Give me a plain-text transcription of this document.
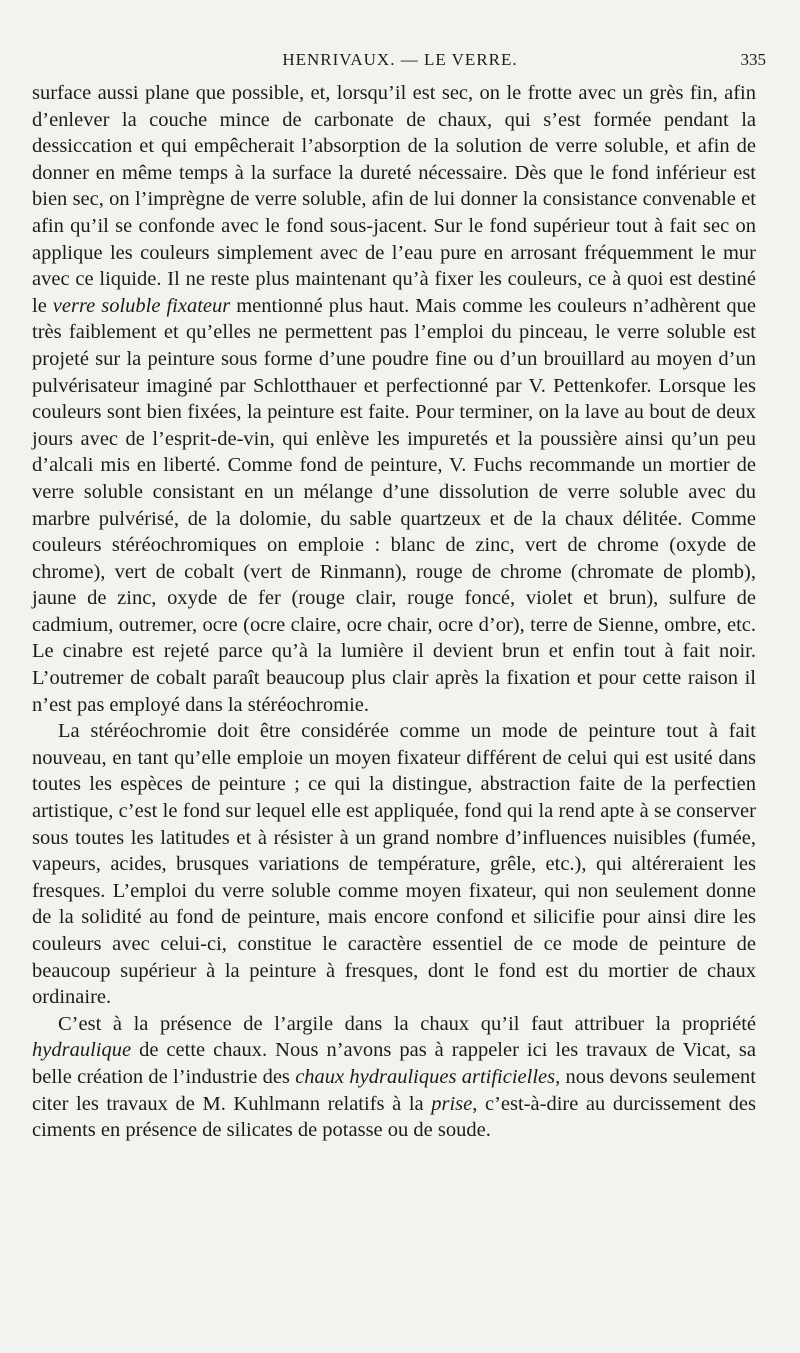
HENRIVAUX. — LE VERRE.	335

surface aussi plane que possible, et, lorsqu’il est sec, on le frotte avec un grès fin, afin d’enlever la couche mince de carbonate de chaux, qui s’est formée pendant la dessiccation et qui empêcherait l’absorption de la solution de verre soluble, et afin de donner en même temps à la surface la dureté nécessaire. Dès que le fond inférieur est bien sec, on l’imprègne de verre soluble, afin de lui donner la consistance convenable et afin qu’il se confonde avec le fond sous-jacent. Sur le fond supérieur tout à fait sec on applique les couleurs simplement avec de l’eau pure en arrosant fréquemment le mur avec ce liquide. Il ne reste plus maintenant qu’à fixer les couleurs, ce à quoi est destiné le verre soluble fixateur mentionné plus haut. Mais comme les couleurs n’adhèrent que très faiblement et qu’elles ne permettent pas l’emploi du pinceau, le verre soluble est projeté sur la peinture sous forme d’une poudre fine ou d’un brouillard au moyen d’un pulvérisateur imaginé par Schlotthauer et perfectionné par V. Pettenkofer. Lorsque les couleurs sont bien fixées, la peinture est faite. Pour terminer, on la lave au bout de deux jours avec de l’esprit-de-vin, qui enlève les impuretés et la poussière ainsi qu’un peu d’alcali mis en liberté. Comme fond de peinture, V. Fuchs recommande un mortier de verre soluble consistant en un mélange d’une dissolution de verre soluble avec du marbre pulvérisé, de la dolomie, du sable quartzeux et de la chaux délitée. Comme couleurs stéréochromiques on emploie : blanc de zinc, vert de chrome (oxyde de chrome), vert de cobalt (vert de Rinmann), rouge de chrome (chromate de plomb), jaune de zinc, oxyde de fer (rouge clair, rouge foncé, violet et brun), sulfure de cadmium, outremer, ocre (ocre claire, ocre chair, ocre d’or), terre de Sienne, ombre, etc. Le cinabre est rejeté parce qu’à la lumière il devient brun et enfin tout à fait noir. L’outremer de cobalt paraît beaucoup plus clair après la fixation et pour cette raison il n’est pas employé dans la stéréochromie.

La stéréochromie doit être considérée comme un mode de peinture tout à fait nouveau, en tant qu’elle emploie un moyen fixateur différent de celui qui est usité dans toutes les espèces de peinture ; ce qui la distingue, abstraction faite de la perfectien artistique, c’est le fond sur lequel elle est appliquée, fond qui la rend apte à se conserver sous toutes les latitudes et à résister à un grand nombre d’influences nuisibles (fumée, vapeurs, acides, brusques variations de température, grêle, etc.), qui altéreraient les fresques. L’emploi du verre soluble comme moyen fixateur, qui non seulement donne de la solidité au fond de peinture, mais encore confond et silicifie pour ainsi dire les couleurs avec celui-ci, constitue le caractère essentiel de ce mode de peinture de beaucoup supérieur à la peinture à fresques, dont le fond est du mortier de chaux ordinaire.

C’est à la présence de l’argile dans la chaux qu’il faut attribuer la propriété hydraulique de cette chaux. Nous n’avons pas à rappeler ici les travaux de Vicat, sa belle création de l’industrie des chaux hydrauliques artificielles, nous devons seulement citer les travaux de M. Kuhlmann relatifs à la prise, c’est-à-dire au durcissement des ciments en présence de silicates de potasse ou de soude.
